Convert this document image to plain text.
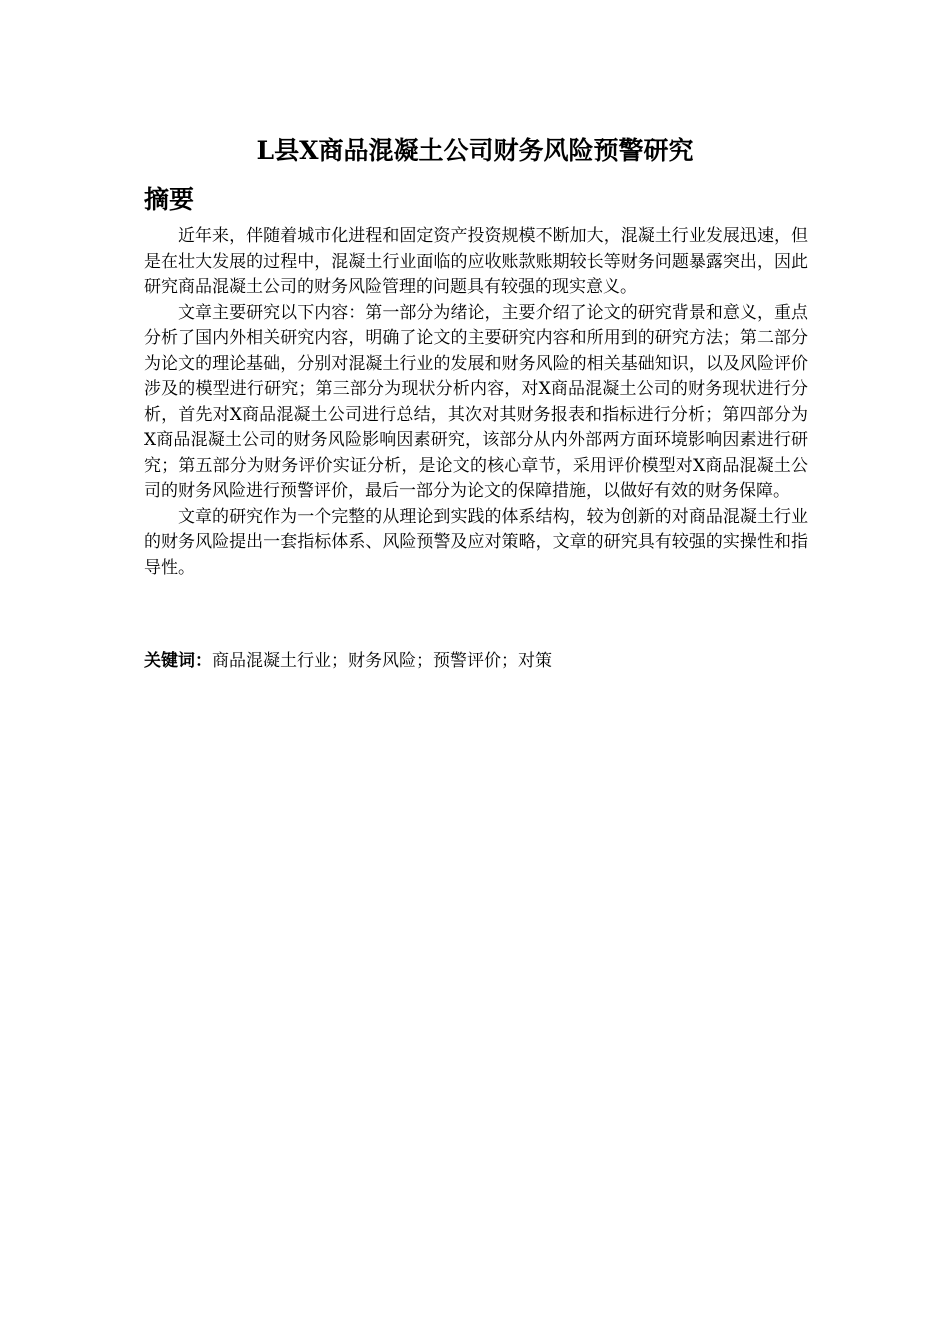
L县X商品混凝土公司财务风险预警研究
摘要

近年来，伴随着城市化进程和固定资产投资规模不断加大，混凝土行业发展迅速，但是在壮大发展的过程中，混凝土行业面临的应收账款账期较长等财务问题暴露突出，因此研究商品混凝土公司的财务风险管理的问题具有较强的现实意义。

文章主要研究以下内容：第一部分为绪论，主要介绍了论文的研究背景和意义，重点分析了国内外相关研究内容，明确了论文的主要研究内容和所用到的研究方法；第二部分为论文的理论基础，分别对混凝土行业的发展和财务风险的相关基础知识，以及风险评价涉及的模型进行研究；第三部分为现状分析内容，对X商品混凝土公司的财务现状进行分析，首先对X商品混凝土公司进行总结，其次对其财务报表和指标进行分析；第四部分为X商品混凝土公司的财务风险影响因素研究，该部分从内外部两方面环境影响因素进行研究；第五部分为财务评价实证分析，是论文的核心章节，采用评价模型对X商品混凝土公司的财务风险进行预警评价，最后一部分为论文的保障措施，以做好有效的财务保障。

文章的研究作为一个完整的从理论到实践的体系结构，较为创新的对商品混凝土行业的财务风险提出一套指标体系、风险预警及应对策略，文章的研究具有较强的实操性和指导性。

关键词：商品混凝土行业；财务风险；预警评价；对策
